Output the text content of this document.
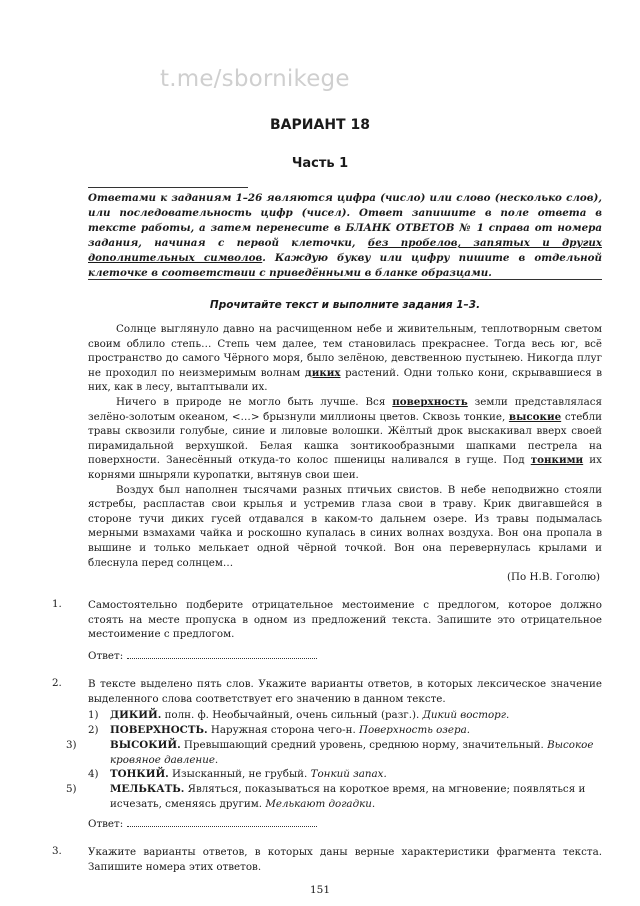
t.me/sbornikege
ВАРИАНТ 18
Часть 1
Ответами к заданиям 1–26 являются цифра (число) или слово (несколько слов), или последовательность цифр (чисел). Ответ запишите в поле ответа в тексте работы, а затем перенесите в БЛАНК ОТВЕТОВ № 1 справа от номера задания, начиная с первой клеточки, без пробелов, запятых и других дополнительных символов. Каждую букву или цифру пишите в отдельной клеточке в соответствии с приведёнными в бланке образцами.
Прочитайте текст и выполните задания 1–3.

Солнце выглянуло давно на расчищенном небе и живительным, теплотворным светом своим облило степь… Степь чем далее, тем становилась прекраснее. Тогда весь юг, всё пространство до самого Чёрного моря, было зелёною, девственною пустынею. Никогда плуг не проходил по неизмеримым волнам диких растений. Одни только кони, скрывавшиеся в них, как в лесу, вытаптывали их.

Ничего в природе не могло быть лучше. Вся поверхность земли представлялася зелёно-золотым океаном, <…> брызнули миллионы цветов. Сквозь тонкие, высокие стебли травы сквозили голубые, синие и лиловые волошки. Жёлтый дрок выскакивал вверх своей пирамидальной верхушкой. Белая кашка зонтикообразными шапками пестрела на поверхности. Занесённый откуда-то колос пшеницы наливался в гуще. Под тонкими их корнями шныряли куропатки, вытянув свои шеи.

Воздух был наполнен тысячами разных птичьих свистов. В небе неподвижно стояли ястребы, распластав свои крылья и устремив глаза свои в траву. Крик двигавшейся в стороне тучи диких гусей отдавался в каком-то дальнем озере. Из травы подымалась мерными взмахами чайка и роскошно купалась в синих волнах воздуха. Вон она пропала в вышине и только мелькает одной чёрной точкой. Вон она перевернулась крылами и блеснула перед солнцем…

(По Н.В. Гоголю)
1.	Самостоятельно подберите отрицательное местоимение с предлогом, которое должно стоять на месте пропуска в одном из предложений текста. Запишите это отрицательное местоимение с предлогом.
Ответ:
2.	В тексте выделено пять слов. Укажите варианты ответов, в которых лексическое значение выделенного слова соответствует его значению в данном тексте.
1) ДИКИЙ. полн. ф. Необычайный, очень сильный (разг.). Дикий восторг.
2) ПОВЕРХНОСТЬ. Наружная сторона чего-н. Поверхность озера.
3)	ВЫСОКИЙ. Превышающий средний уровень, среднюю норму, значительный. Высокое кровяное давление.
4) ТОНКИЙ. Изысканный, не грубый. Тонкий запах.
5)	МЕЛЬКАТЬ. Являться, показываться на короткое время, на мгновение; появляться и исчезать, сменяясь другим. Мелькают догадки.
Ответ:
3.	Укажите варианты ответов, в которых даны верные характеристики фрагмента текста. Запишите номера этих ответов.
151
